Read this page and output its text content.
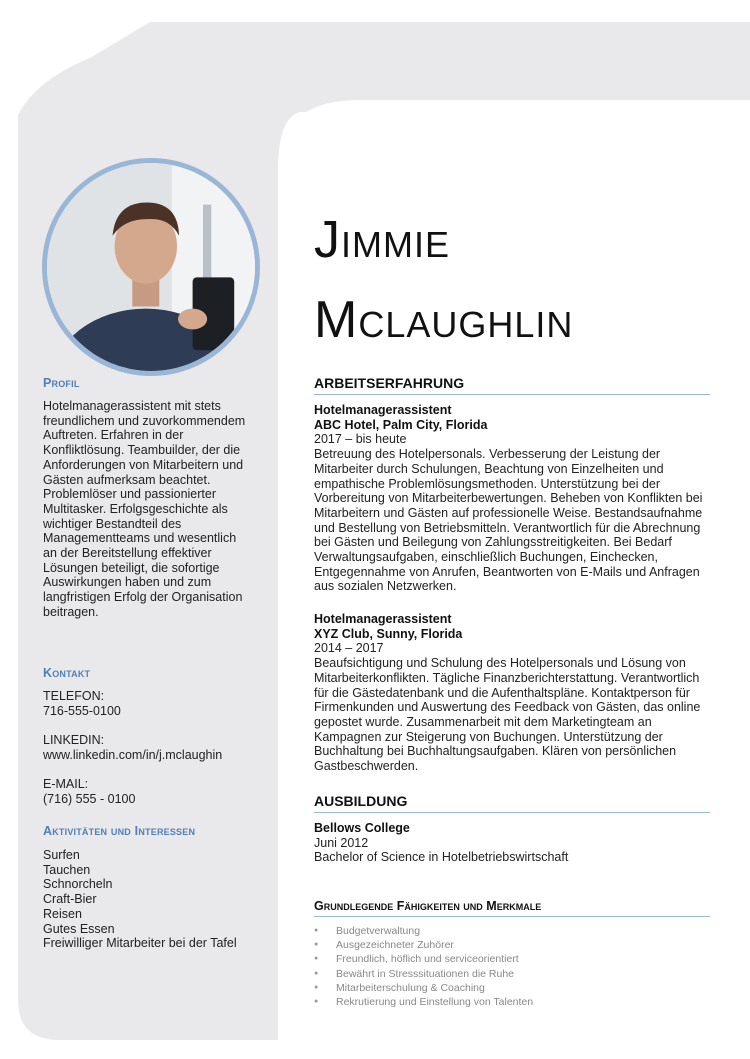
Jimmie
Mclaughlin
Profil
Hotelmanagerassistent mit stets freundlichem und zuvorkommendem Auftreten. Erfahren in der Konfliktlösung. Teambuilder, der die Anforderungen von Mitarbeitern und Gästen aufmerksam beachtet. Problemlöser und passionierter Multitasker. Erfolgsgeschichte als wichtiger Bestandteil des Managementteams und wesentlich an der Bereitstellung effektiver Lösungen beteiligt, die sofortige Auswirkungen haben und zum langfristigen Erfolg der Organisation beitragen.
Kontakt
TELEFON:
716-555-0100
LINKEDIN:
www.linkedin.com/in/j.mclaughin
E-MAIL:
(716) 555 - 0100
Aktivitäten und Interessen
Surfen
Tauchen
Schnorcheln
Craft-Bier
Reisen
Gutes Essen
Freiwilliger Mitarbeiter bei der Tafel
ARBEITSERFAHRUNG
Hotelmanagerassistent
ABC Hotel, Palm City, Florida
2017 – bis heute
Betreuung des Hotelpersonals. Verbesserung der Leistung der Mitarbeiter durch Schulungen, Beachtung von Einzelheiten und empathische Problemlösungsmethoden. Unterstützung bei der Vorbereitung von Mitarbeiterbewertungen. Beheben von Konflikten bei Mitarbeitern und Gästen auf professionelle Weise. Bestandsaufnahme und Bestellung von Betriebsmitteln. Verantwortlich für die Abrechnung bei Gästen und Beilegung von Zahlungsstreitigkeiten. Bei Bedarf Verwaltungsaufgaben, einschließlich Buchungen, Einchecken, Entgegennahme von Anrufen, Beantworten von E-Mails und Anfragen aus sozialen Netzwerken.
Hotelmanagerassistent
XYZ Club, Sunny, Florida
2014 – 2017
Beaufsichtigung und Schulung des Hotelpersonals und Lösung von Mitarbeiterkonflikten. Tägliche Finanzberichterstattung. Verantwortlich für die Gästedatenbank und die Aufenthaltspläne. Kontaktperson für Firmenkunden und Auswertung des Feedback von Gästen, das online gepostet wurde. Zusammenarbeit mit dem Marketingteam an Kampagnen zur Steigerung von Buchungen. Unterstützung der Buchhaltung bei Buchhaltungsaufgaben. Klären von persönlichen Gastbeschwerden.
AUSBILDUNG
Bellows College
Juni 2012
Bachelor of Science in Hotelbetriebswirtschaft
Grundlegende Fähigkeiten und Merkmale
● Budgetverwaltung
● Ausgezeichneter Zuhörer
● Freundlich, höflich und serviceorientiert
● Bewährt in Stresssituationen die Ruhe
● Mitarbeiterschulung & Coaching
● Rekrutierung und Einstellung von Talenten
